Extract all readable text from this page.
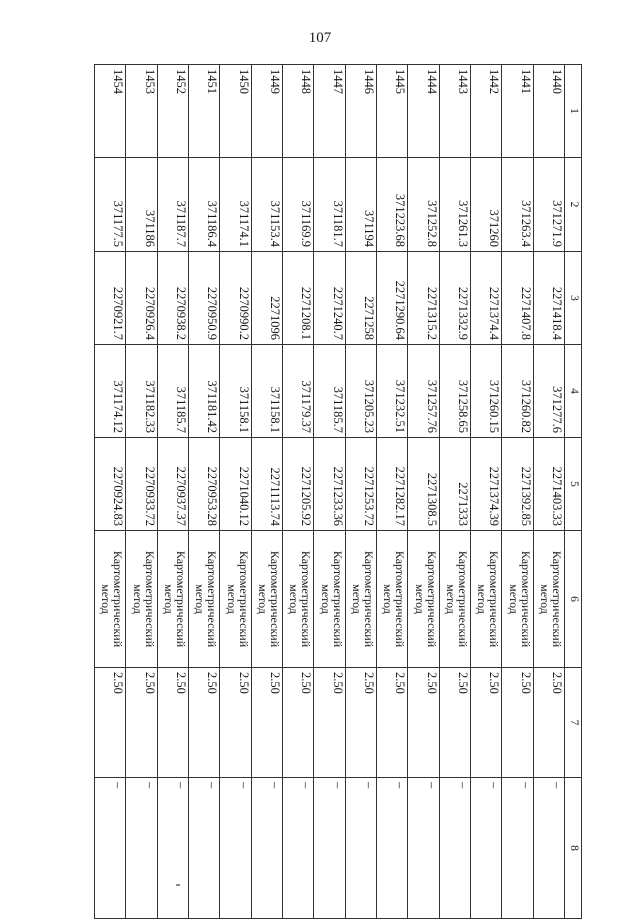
107
1	2	3	4	5	6	7	8
1440	371271.9	2271418.4	371277.6	2271403.33	Картометрический
метод	2.50	–
1441	371263.4	2271407.8	371260.82	2271392.85	Картометрический
метод	2.50	–
1442	371260	2271374.4	371260.15	2271374.39	Картометрический
метод	2.50	–
1443	371261.3	2271332.9	371258.65	2271333	Картометрический
метод	2.50	–
1444	371252.8	2271315.2	371257.76	2271308.5	Картометрический
метод	2.50	–
1445	371223.68	2271290.64	371232.51	2271282.17	Картометрический
метод	2.50	–
1446	371194	2271258	371205.23	2271253.72	Картометрический
метод	2.50	–
1447	371181.7	2271240.7	371185.7	2271233.36	Картометрический
метод	2.50	–
1448	371169.9	2271208.1	371179.37	2271205.92	Картометрический
метод	2.50	–
1449	371153.4	2271096	371158.1	2271113.74	Картометрический
метод	2.50	–
1450	371174.1	2270990.2	371158.1	2271040.12	Картометрический
метод	2.50	–
1451	371186.4	2270950.9	371181.42	2270953.28	Картометрический
метод	2.50	–
1452	371187.7	2270938.2	371185.7	2270937.37	Картометрический
метод	2.50	–
1453	371186	2270926.4	371182.33	2270933.72	Картометрический
метод	2.50	–
1454	371177.5	2270921.7	371174.12	2270924.83	Картометрический
метод	2.50	–
